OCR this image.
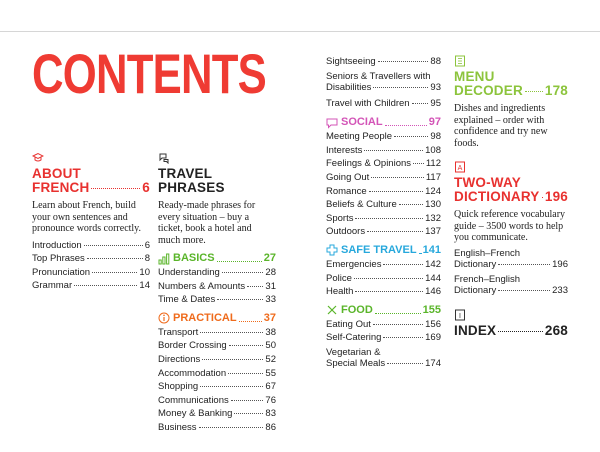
CONTENTS
ABOUT
FRENCH	6
Learn about French, build your own sentences and pronounce words correctly.
Introduction	6
Top Phrases	8
Pronunciation	10
Grammar	14
TRAVEL
PHRASES
Ready-made phrases for every situation – buy a ticket, book a hotel and much more.
BASICS	27
Understanding	28
Numbers & Amounts 31
Time & Dates	33
PRACTICAL 37
Transport	38
Border Crossing	50
Directions	52
Accommodation	55
Shopping	67
Communications	76
Money & Banking	83
Business	86
Sightseeing	88
Seniors & Travellers with
Disabilities	93
Travel with Children 95
SOCIAL	97
Meeting People	98
Interests	108
Feelings & Opinions 112
Going Out	117
Romance	124
Beliefs & Culture	130
Sports	132
Outdoors	137
SAFE TRAVEL 141
Emergencies	142
Police	144
Health	146
FOOD	155
Eating Out	156
Self-Catering	169
Vegetarian &
Special Meals	174
MENU
DECODER 178
Dishes and ingredients explained – order with confidence and try new foods.
A
TWO-WAY
DICTIONARY 196
Quick reference vocabulary guide – 3500 words to help you communicate.
English–French
Dictionary	196
French–English
Dictionary	233
I
INDEX	268
